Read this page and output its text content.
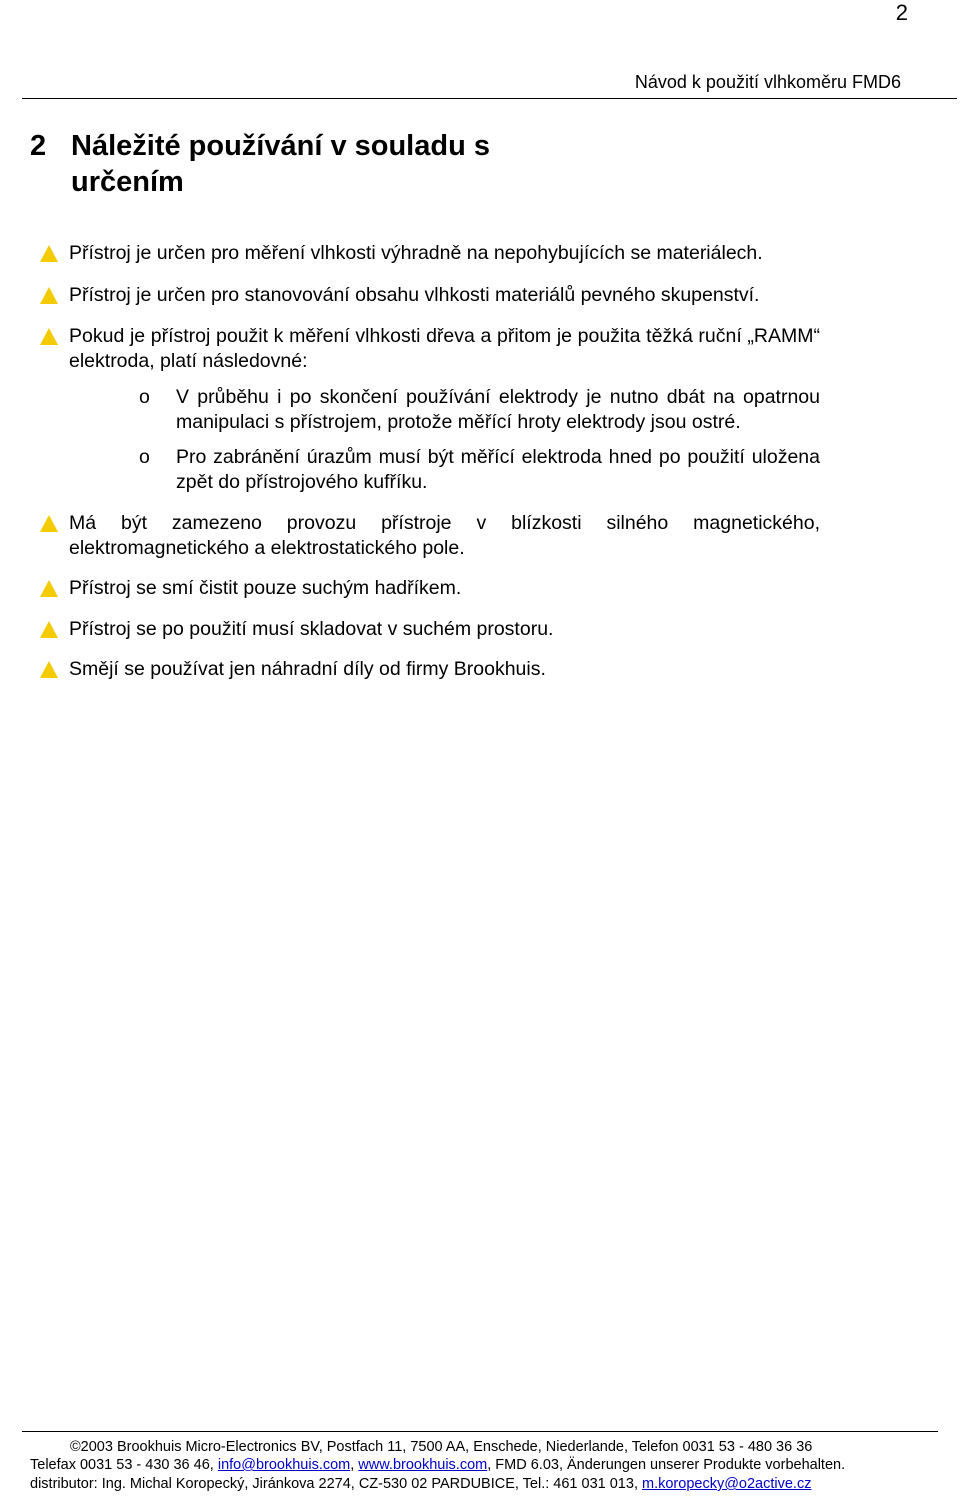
2
Návod k použití vlhkoměru FMD6
2 Náležité používání v souladu s určením
Přístroj je určen pro měření vlhkosti výhradně na nepohybujících se materiálech.
Přístroj je určen pro stanovování obsahu vlhkosti materiálů pevného skupenství.
Pokud je přístroj použit k měření vlhkosti dřeva a přitom je použita těžká ruční „RAMM“ elektroda, platí následovné:
o V průběhu i po skončení používání elektrody je nutno dbát na opatrnou manipulaci s přístrojem, protože měřící hroty elektrody jsou ostré.
o Pro zabránění úrazům musí být měřící elektroda hned po použití uložena zpět do přístrojového kufříku.
Má být zamezeno provozu přístroje v blízkosti silného magnetického, elektromagnetického a elektrostatického pole.
Přístroj se smí čistit pouze suchým hadříkem.
Přístroj se po použití musí skladovat v suchém prostoru.
Smějí se používat jen náhradní díly od firmy Brookhuis.
©2003 Brookhuis Micro-Electronics BV, Postfach 11, 7500 AA, Enschede, Niederlande, Telefon 0031 53 - 480 36 36
Telefax 0031 53 - 430 36 46, info@brookhuis.com, www.brookhuis.com, FMD 6.03, Änderungen unserer Produkte vorbehalten.
distributor: Ing. Michal Koropecký, Jiránkova 2274, CZ-530 02 PARDUBICE, Tel.: 461 031 013, m.koropecky@o2active.cz
